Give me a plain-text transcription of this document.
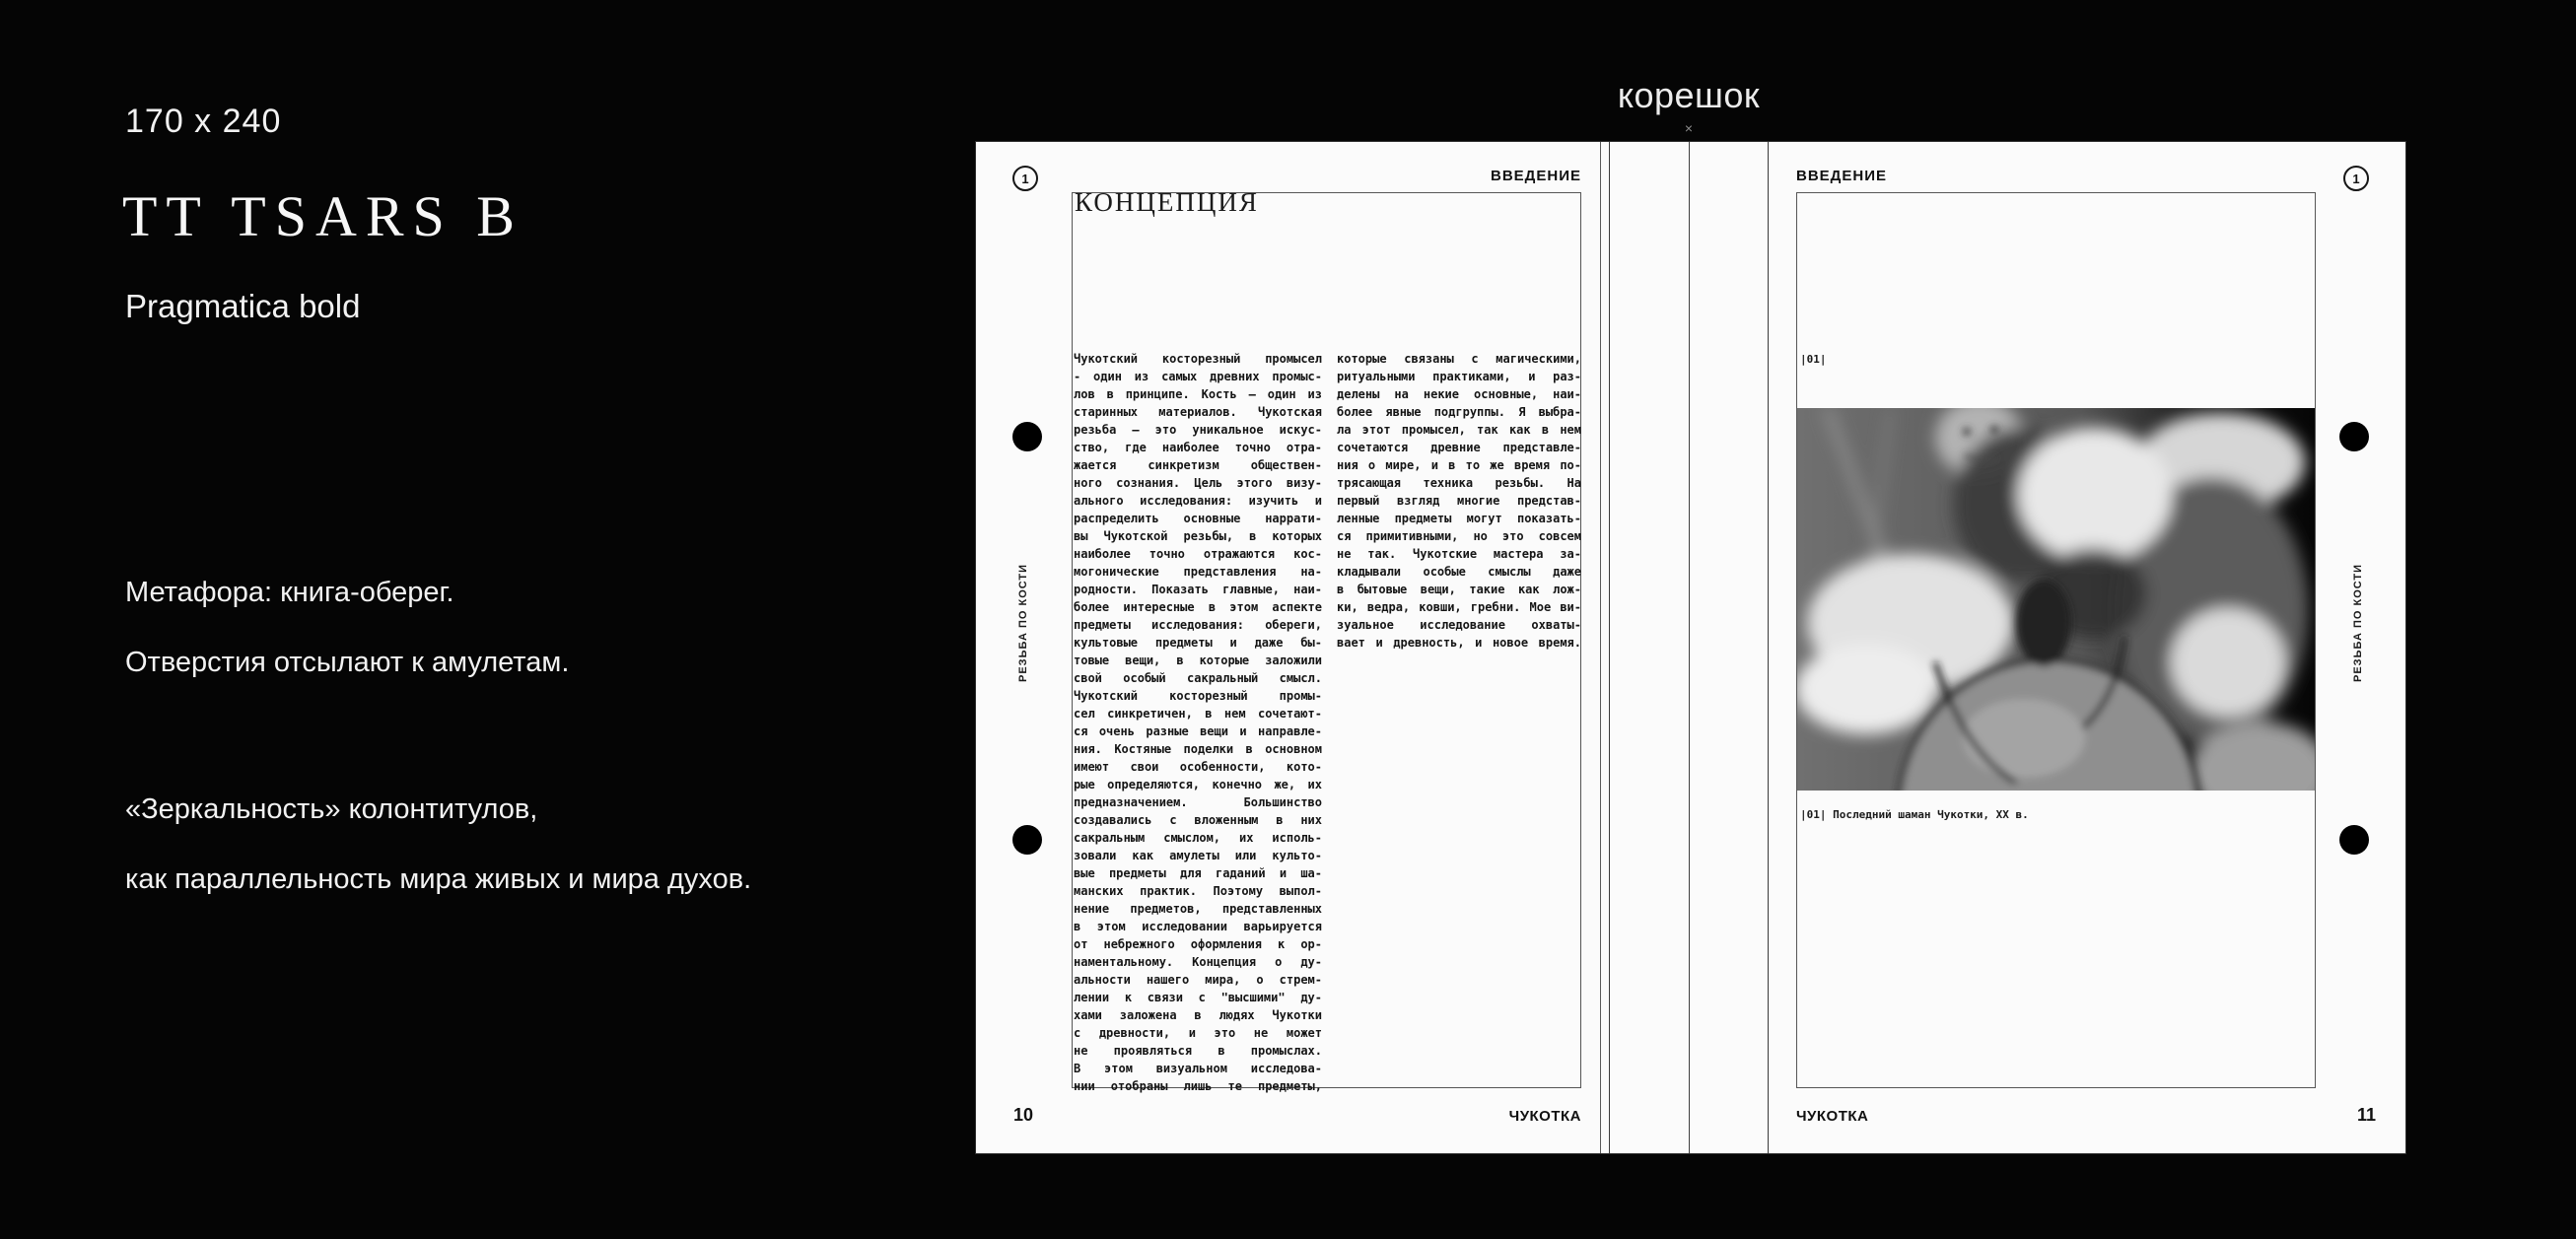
170 x 240
TT TSARS B
Pragmatica bold
Метафора: книга-оберег.
Отверстия отсылают к амулетам.
«Зеркальность» колонтитулов,
как параллельность мира живых и мира духов.
корешок
×
1	ВВЕДЕНИЕ
КОНЦЕПЦИЯ
Чукотский косторезный промысел
- один из самых древних промыс-
лов в принципе. Кость — один из
старинных материалов. Чукотская
резьба — это уникальное искус-
ство, где наиболее точно отра-
жается синкретизм обществен-
ного сознания. Цель этого визу-
ального исследования: изучить и
распределить основные наррати-
вы Чукотской резьбы, в которых
наиболее точно отражаются кос-
могонические представления на-
родности. Показать главные, наи-
более интересные в этом аспекте
предметы исследования: обереги,
культовые предметы и даже бы-
товые вещи, в которые заложили
свой особый сакральный смысл.
Чукотский косторезный промы-
сел синкретичен, в нем сочетают-
ся очень разные вещи и направле-
ния. Костяные поделки в основном
имеют свои особенности, кото-
рые определяются, конечно же, их
предназначением. Большинство
создавались с вложенным в них
сакральным смыслом, их исполь-
зовали как амулеты или культо-
вые предметы для гаданий и ша-
манских практик. Поэтому выпол-
нение предметов, представленных
в этом исследовании варьируется
от небрежного оформления к ор-
наментальному. Концепция о ду-
альности нашего мира, о стрем-
лении к связи с "высшими" ду-
хами заложена в людях Чукотки
с древности, и это не может
не проявляться в промыслах.
В этом визуальном исследова-
нии отобраны лишь те предметы,
которые связаны с магическими,
ритуальными практиками, и раз-
делены на некие основные, наи-
более явные подгруппы. Я выбра-
ла этот промысел, так как в нем
сочетаются древние представле-
ния о мире, и в то же время по-
трясающая техника резьбы. На
первый взгляд многие представ-
ленные предметы могут показать-
ся примитивными, но это совсем
не так. Чукотские мастера за-
кладывали особые смыслы даже
в бытовые вещи, такие как лож-
ки, ведра, ковши, гребни. Мое ви-
зуальное исследование охваты-
вает и древность, и новое время.
РЕЗЬБА ПО КОСТИ
10	ЧУКОТКА
ВВЕДЕНИЕ	1
|01|
|01| Последний шаман Чукотки, XX в.
РЕЗЬБА ПО КОСТИ
ЧУКОТКА	11
